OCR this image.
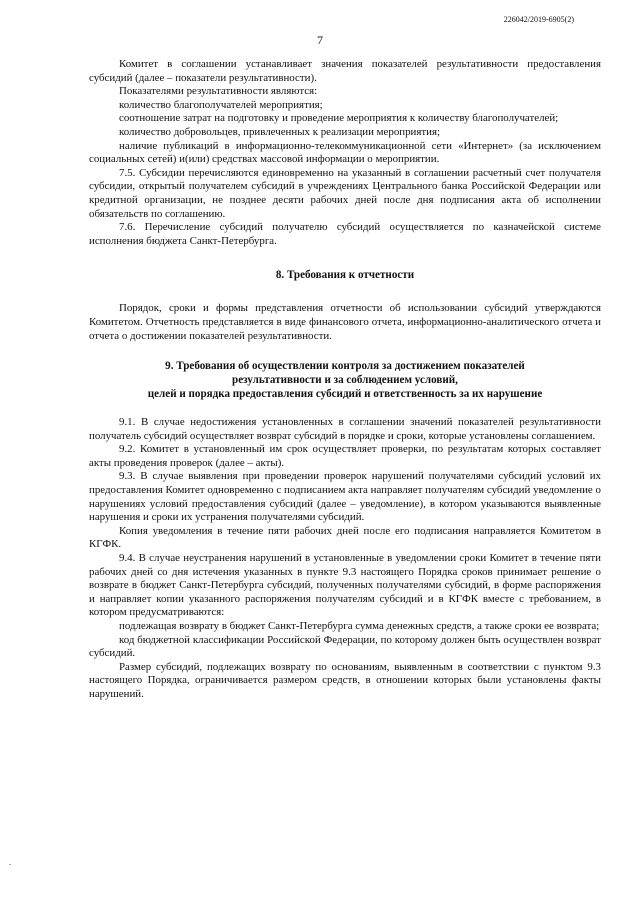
226042/2019-6905(2)
7

Комитет в соглашении устанавливает значения показателей результативности предоставления субсидий (далее – показатели результативности).

Показателями результативности являются:

количество благополучателей мероприятия;

соотношение затрат на подготовку и проведение мероприятия к количеству благополучателей;

количество добровольцев, привлеченных к реализации мероприятия;

наличие публикаций в информационно-телекоммуникационной сети «Интернет» (за исключением социальных сетей) и(или) средствах массовой информации о мероприятии.

7.5. Субсидии перечисляются единовременно на указанный в соглашении расчетный счет получателя субсидии, открытый получателем субсидий в учреждениях Центрального банка Российской Федерации или кредитной организации, не позднее десяти рабочих дней после дня подписания акта об исполнении обязательств по соглашению.

7.6. Перечисление субсидий получателю субсидий осуществляется по казначейской системе исполнения бюджета Санкт-Петербурга.

8. Требования к отчетности

Порядок, сроки и формы представления отчетности об использовании субсидий утверждаются Комитетом. Отчетность представляется в виде финансового отчета, информационно-аналитического отчета и отчета о достижении показателей результативности.

9. Требования об осуществлении контроля за достижением показателей

результативности и за соблюдением условий,

целей и порядка предоставления субсидий и ответственность за их нарушение

9.1. В случае недостижения установленных в соглашении значений показателей результативности получатель субсидий осуществляет возврат субсидий в порядке и сроки, которые установлены соглашением.

9.2. Комитет в установленный им срок осуществляет проверки, по результатам которых составляет акты проведения проверок (далее – акты).

9.3. В случае выявления при проведении проверок нарушений получателями субсидий условий их предоставления Комитет одновременно с подписанием акта направляет получателям субсидий уведомление о нарушениях условий предоставления субсидий (далее – уведомление), в котором указываются выявленные нарушения и сроки их устранения получателями субсидий.

Копия уведомления в течение пяти рабочих дней после его подписания направляется Комитетом в КГФК.

9.4. В случае неустранения нарушений в установленные в уведомлении сроки Комитет в течение пяти рабочих дней со дня истечения указанных в пункте 9.3 настоящего Порядка сроков принимает решение о возврате в бюджет Санкт-Петербурга субсидий, полученных получателями субсидий, в форме распоряжения и направляет копии указанного распоряжения получателям субсидий и в КГФК вместе с требованием, в котором предусматриваются:

подлежащая возврату в бюджет Санкт-Петербурга сумма денежных средств, а также сроки ее возврата;

код бюджетной классификации Российской Федерации, по которому должен быть осуществлен возврат субсидий.

Размер субсидий, подлежащих возврату по основаниям, выявленным в соответствии с пунктом 9.3 настоящего Порядка, ограничивается размером средств, в отношении которых были установлены факты нарушений.

.
